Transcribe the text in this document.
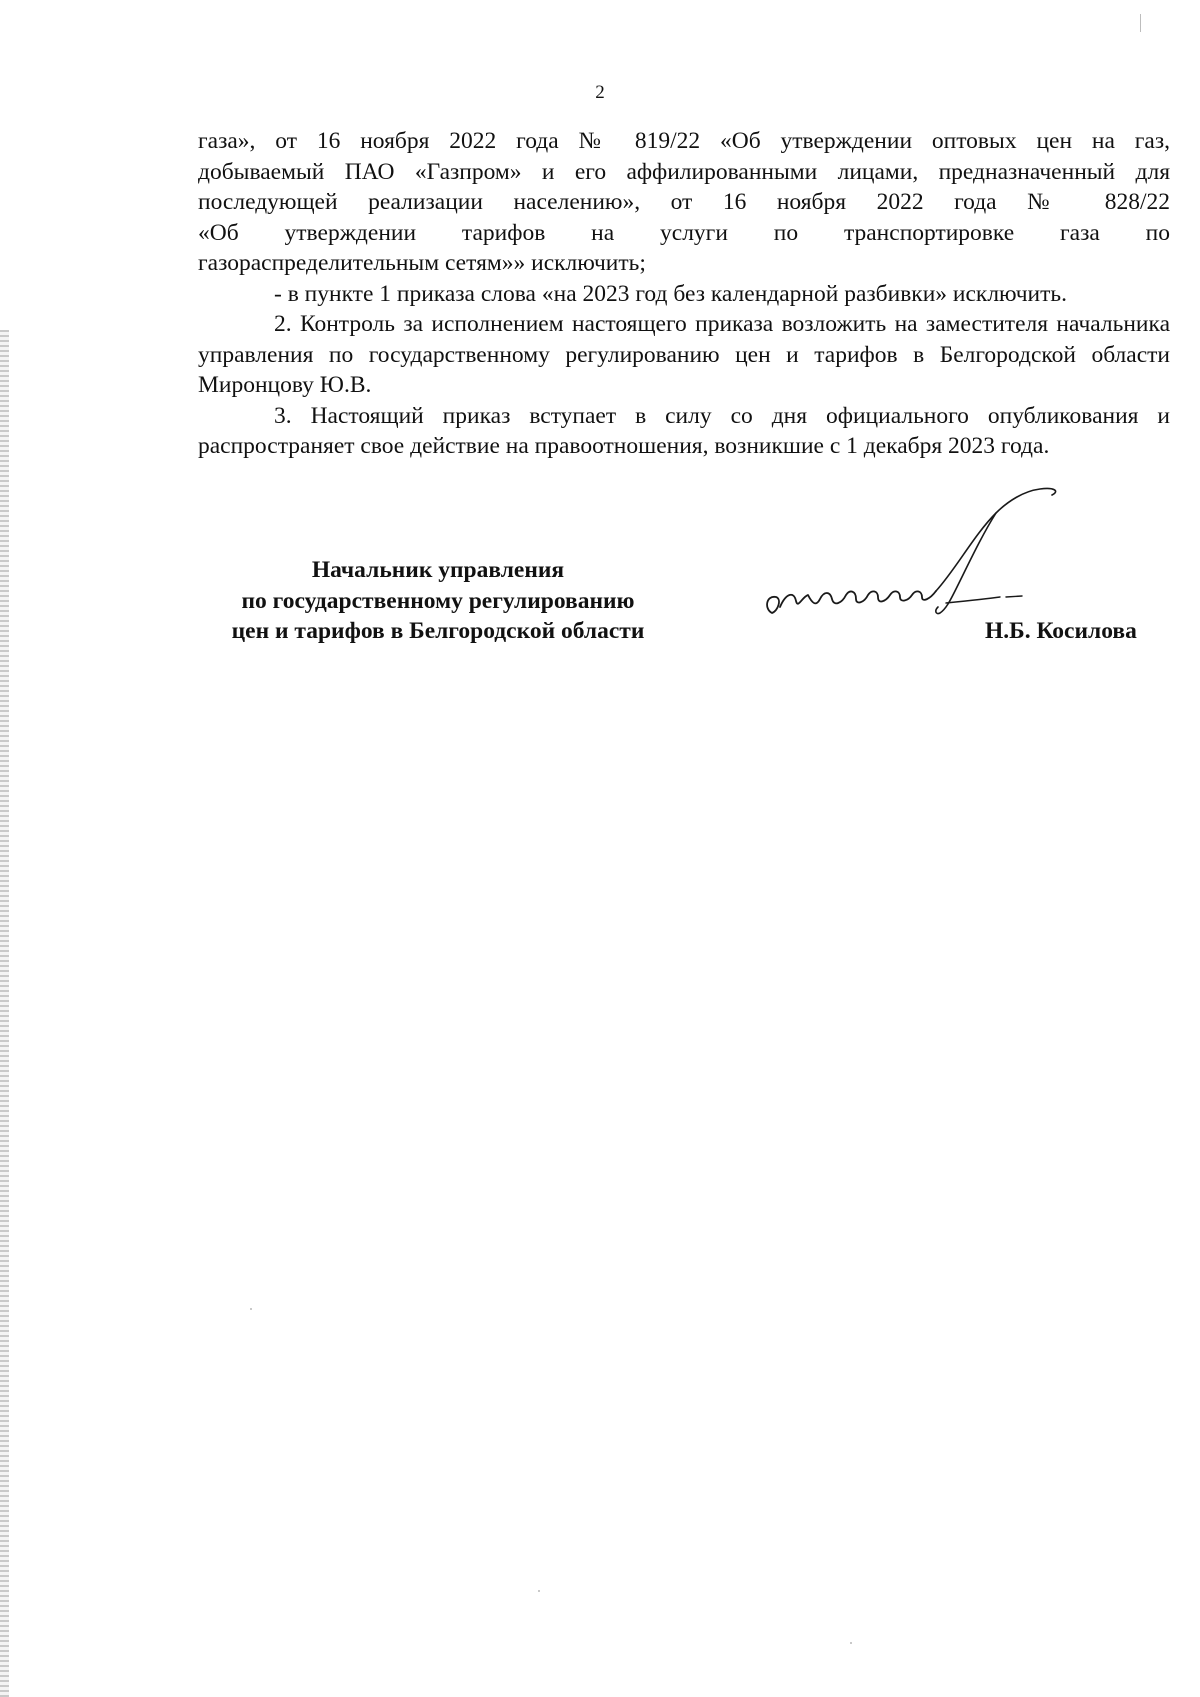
2

газа», от 16 ноября 2022 года № 819/22 «Об утверждении оптовых цен на газ,

добываемый ПАО «Газпром» и его аффилированными лицами, предназначенный для

последующей реализации населению», от 16 ноября 2022 года № 828/22

«Об утверждении тарифов на услуги по транспортировке газа по

газораспределительным сетям»» исключить;

- в пункте 1 приказа слова «на 2023 год без календарной разбивки» исключить.

2. Контроль за исполнением настоящего приказа возложить на заместителя начальника управления по государственному регулированию цен и тарифов в Белгородской области Миронцову Ю.В.

3. Настоящий приказ вступает в силу со дня официального опубликования и распространяет свое действие на правоотношения, возникшие с 1 декабря 2023 года.

Начальник управления
по государственному регулированию
цен и тарифов в Белгородской области	Н.Б. Косилова
